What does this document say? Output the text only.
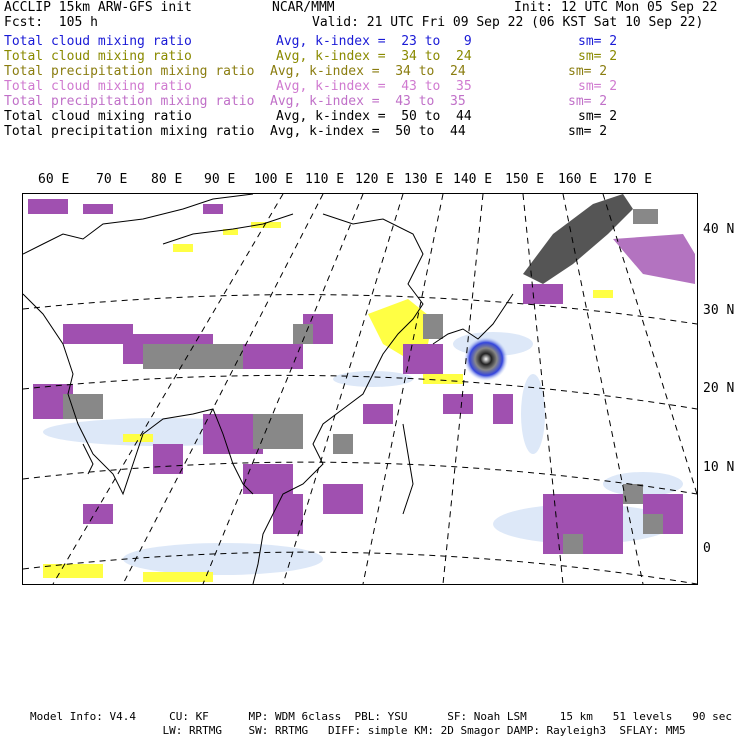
ACCLIP 15km ARW-GFS init	NCAR/MMM	Init: 12 UTC Mon 05 Sep 22
Fcst:  105 h	Valid: 21 UTC Fri 09 Sep 22 (06 KST Sat 10 Sep 22)
Total cloud mixing ratio	Avg, k-index =  23 to   9	sm= 2
Total cloud mixing ratio	Avg, k-index =  34 to  24	sm= 2
Total precipitation mixing ratio Avg, k-index =  34 to  24	sm= 2
Total cloud mixing ratio	Avg, k-index =  43 to  35	sm= 2
Total precipitation mixing ratio Avg, k-index =  43 to  35	sm= 2
Total cloud mixing ratio	Avg, k-index =  50 to  44	sm= 2
Total precipitation mixing ratio Avg, k-index =  50 to  44	sm= 2
60 E 70 E 80 E 90 E 100 E 110 E 120 E 130 E 140 E 150 E 160 E 170 E
40 N
30 N
20 N
10 N
0
Model Info: V4.4     CU: KF      MP: WDM 6class  PBL: YSU      SF: Noah LSM     15 km   51 levels   90 sec
LW: RRTMG    SW: RRTMG   DIFF: simple KM: 2D Smagor DAMP: Rayleigh3  SFLAY: MM5
